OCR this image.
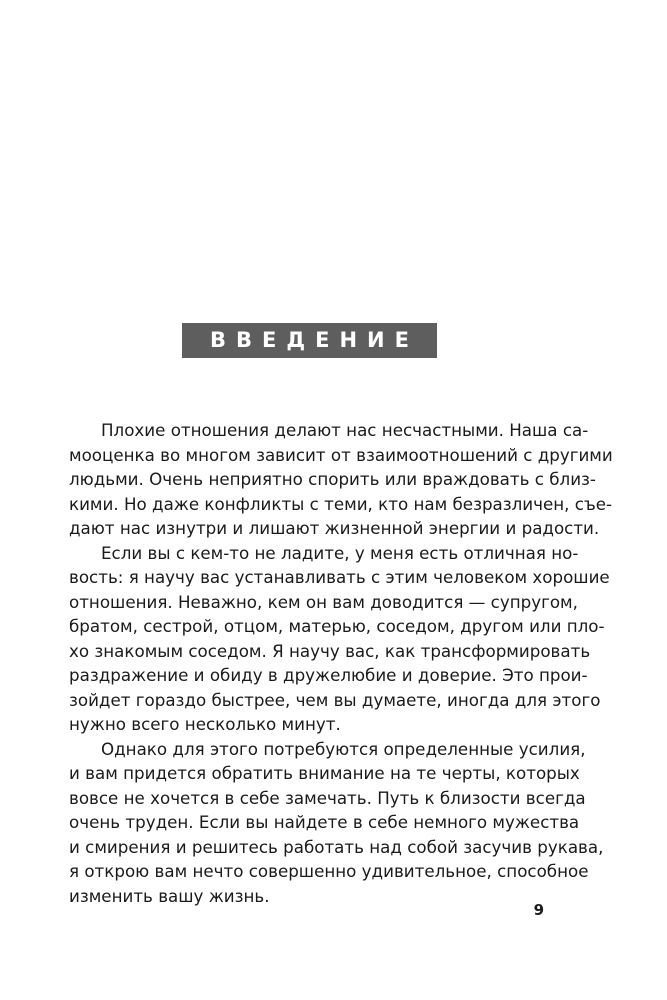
ВВЕДЕНИЕ
Плохие отношения делают нас несчастными. Наша са-
мооценка во многом зависит от взаимоотношений с другими
людьми. Очень неприятно спорить или враждовать с близ-
кими. Но даже конфликты с теми, кто нам безразличен, съе-
дают нас изнутри и лишают жизненной энергии и радости.
Если вы с кем-то не ладите, у меня есть отличная но-
вость: я научу вас устанавливать с этим человеком хорошие
отношения. Неважно, кем он вам доводится — супругом,
братом, сестрой, отцом, матерью, соседом, другом или пло-
хо знакомым соседом. Я научу вас, как трансформировать
раздражение и обиду в дружелюбие и доверие. Это прои-
зойдет гораздо быстрее, чем вы думаете, иногда для этого
нужно всего несколько минут.
Однако для этого потребуются определенные усилия,
и вам придется обратить внимание на те черты, которых
вовсе не хочется в себе замечать. Путь к близости всегда
очень труден. Если вы найдете в себе немного мужества
и смирения и решитесь работать над собой засучив рукава,
я открою вам нечто совершенно удивительное, способное
изменить вашу жизнь.
9
